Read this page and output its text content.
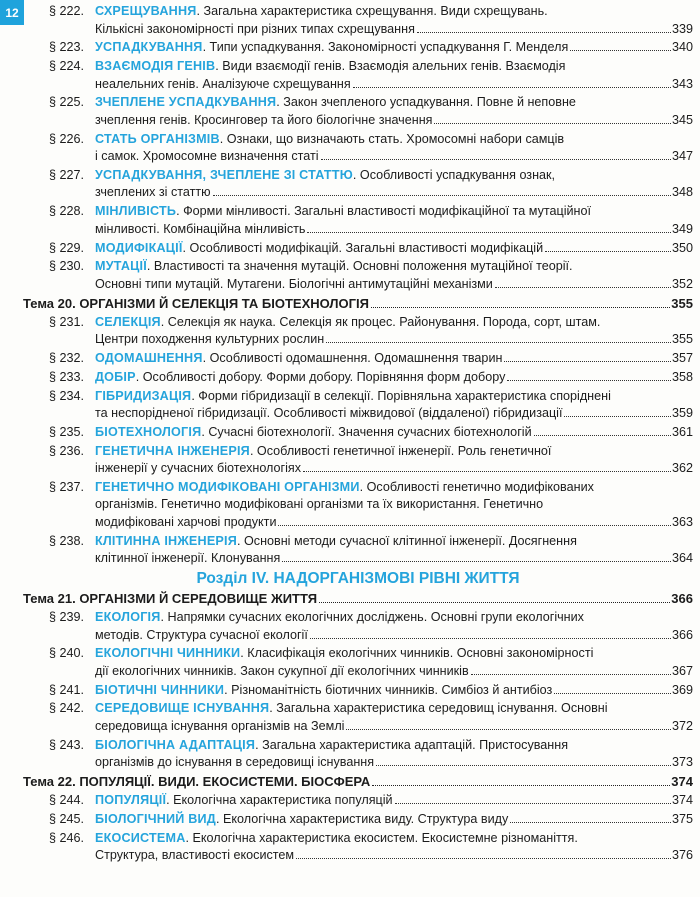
12	§ 222. СХРЕЩУВАННЯ. Загальна характеристика схрещування. Види схрещувань.
Кількісні закономірності при різних типах схрещування	339
§ 223. УСПАДКУВАННЯ. Типи успадкування. Закономірності успадкування Г. Менделя	340
§ 224. ВЗАЄМОДІЯ ГЕНІВ. Види взаємодії генів. Взаємодія алельних генів. Взаємодія
неалельних генів. Аналізуюче схрещування	343
§ 225. ЗЧЕПЛЕНЕ УСПАДКУВАННЯ. Закон зчепленого успадкування. Повне й неповне
зчеплення генів. Кросинговер та його біологічне значення	345
§ 226. СТАТЬ ОРГАНІЗМІВ. Ознаки, що визначають стать. Хромосомні набори самців
і самок. Хромосомне визначення статі	347
§ 227. УСПАДКУВАННЯ, ЗЧЕПЛЕНЕ ЗІ СТАТТЮ. Особливості успадкування ознак,
зчеплених зі статтю	348
§ 228. МІНЛИВІСТЬ. Форми мінливості. Загальні властивості модифікаційної та мутаційної
мінливості. Комбінаційна мінливість	349
§ 229. МОДИФІКАЦІЇ. Особливості модифікацій. Загальні властивості модифікацій	350
§ 230. МУТАЦІЇ. Властивості та значення мутацій. Основні положення мутаційної теорії.
Основні типи мутацій. Мутагени. Біологічні антимутаційні механізми	352
Тема 20. ОРГАНІЗМИ Й СЕЛЕКЦІЯ ТА БІОТЕХНОЛОГІЯ	355
§ 231. СЕЛЕКЦІЯ. Селекція як наука. Селекція як процес. Районування. Порода, сорт, штам.
Центри походження культурних рослин	355
§ 232. ОДОМАШНЕННЯ. Особливості одомашнення. Одомашнення тварин	357
§ 233. ДОБІР. Особливості добору. Форми добору. Порівняння форм добору	358
§ 234. ГІБРИДИЗАЦІЯ. Форми гібридизації в селекції. Порівняльна характеристика споріднені
та неспорідненої гібридизації. Особливості міжвидової (віддаленої) гібридизації	359
§ 235. БІОТЕХНОЛОГІЯ. Сучасні біотехнології. Значення сучасних біотехнологій	361
§ 236. ГЕНЕТИЧНА ІНЖЕНЕРІЯ. Особливості генетичної інженерії. Роль генетичної
інженерії у сучасних біотехнологіях	362
§ 237. ГЕНЕТИЧНО МОДИФІКОВАНІ ОРГАНІЗМИ. Особливості генетично модифікованих
організмів. Генетично модифіковані організми та їх використання. Генетично
модифіковані харчові продукти	363
§ 238. КЛІТИННА ІНЖЕНЕРІЯ. Основні методи сучасної клітинної інженерії. Досягнення
клітинної інженерії. Клонування	364
Розділ IV. НАДОРГАНІЗМОВІ РІВНІ ЖИТТЯ
Тема 21. ОРГАНІЗМИ Й СЕРЕДОВИЩЕ ЖИТТЯ	366
§ 239. ЕКОЛОГІЯ. Напрямки сучасних екологічних досліджень. Основні групи екологічних
методів. Структура сучасної екології	366
§ 240. ЕКОЛОГІЧНІ ЧИННИКИ. Класифікація екологічних чинників. Основні закономірності
дії екологічних чинників. Закон сукупної дії екологічних чинників	367
§ 241. БІОТИЧНІ ЧИННИКИ. Різноманітність біотичних чинників. Симбіоз й антибіоз	369
§ 242. СЕРЕДОВИЩЕ ІСНУВАННЯ. Загальна характеристика середовищ існування. Основні
середовища існування організмів на Землі	372
§ 243. БІОЛОГІЧНА АДАПТАЦІЯ. Загальна характеристика адаптацій. Пристосування
організмів до існування в середовищі існування	373
Тема 22. ПОПУЛЯЦІЇ. ВИДИ. ЕКОСИСТЕМИ. БІОСФЕРА	374
§ 244. ПОПУЛЯЦІЇ. Екологічна характеристика популяцій	374
§ 245. БІОЛОГІЧНИЙ ВИД. Екологічна характеристика виду. Структура виду	375
§ 246. ЕКОСИСТЕМА. Екологічна характеристика екосистем. Екосистемне різноманіття.
Структура, властивості екосистем	376
